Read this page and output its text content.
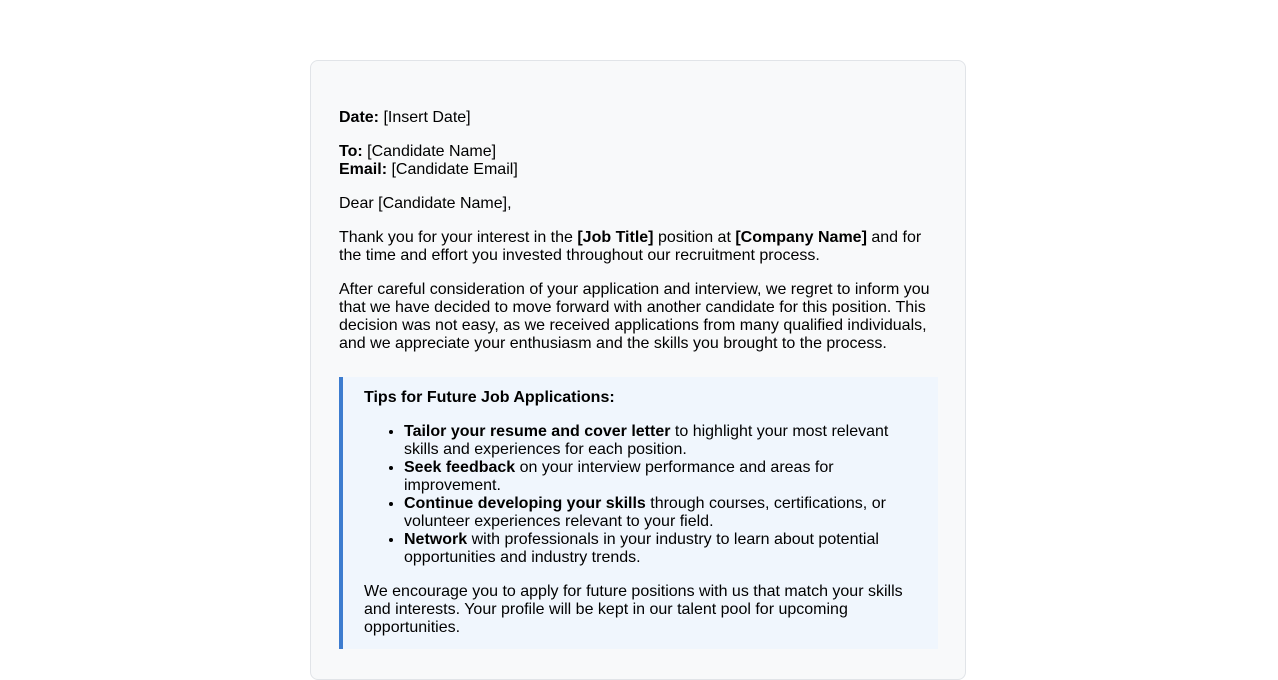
Date: [Insert Date]

To: [Candidate Name]

Email: [Candidate Email]

Dear [Candidate Name],

Thank you for your interest in the [Job Title] position at [Company Name] and for the time and effort you invested throughout our recruitment process.

After careful consideration of your application and interview, we regret to inform you that we have decided to move forward with another candidate for this position. This decision was not easy, as we received applications from many qualified individuals, and we appreciate your enthusiasm and the skills you brought to the process.

Tips for Future Job Applications:

• Tailor your resume and cover letter to highlight your most relevant skills and experiences for each position.
• Seek feedback on your interview performance and areas for improvement.
• Continue developing your skills through courses, certifications, or volunteer experiences relevant to your field.
• Network with professionals in your industry to learn about potential opportunities and industry trends.

We encourage you to apply for future positions with us that match your skills and interests. Your profile will be kept in our talent pool for upcoming opportunities.
